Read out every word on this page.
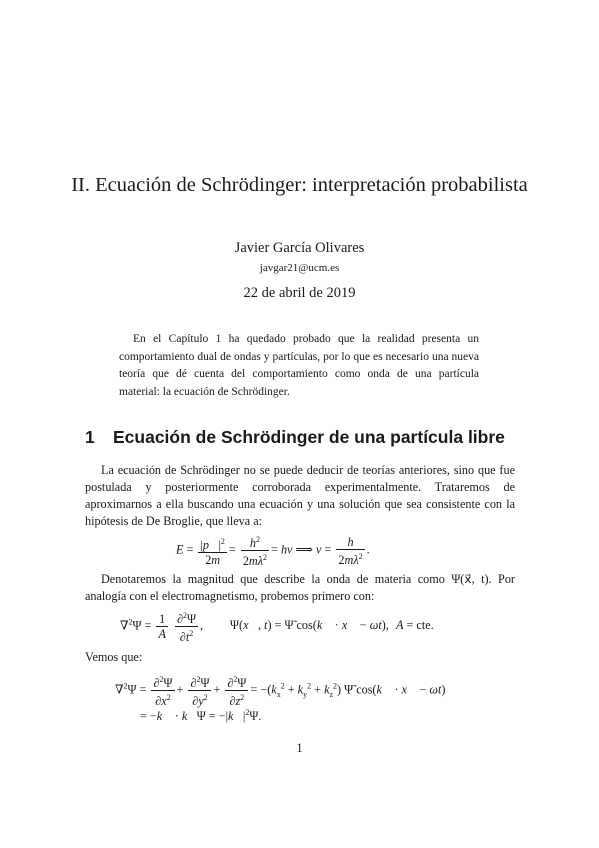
II. Ecuación de Schrödinger: interpretación probabilista
Javier García Olivares
javgar21@ucm.es
22 de abril de 2019

En el Capítulo 1 ha quedado probado que la realidad presenta un comportamiento dual de ondas y partículas, por lo que es necesario una nueva teoría que dé cuenta del comportamiento como onda de una partícula material: la ecuación de Schrödinger.

1 Ecuación de Schrödinger de una partícula libre

La ecuación de Schrödinger no se puede deducir de teorías anteriores, sino que fue postulada y posteriormente corroborada experimentalmente. Trataremos de aproximarnos a ella buscando una ecuación y una solución que sea consistente con la hipótesis de De Broglie, que lleva a:

$E = \frac{|p⃗|^2}{2m} = \frac{h^2}{2m\lambda^2} = h\nu$ ⟹ $\nu = \frac{h}{2m\lambda^2}$ .

Denotaremos la magnitud que describe la onda de materia como Ψ(x⃗, t). Por analogía con el electromagnetismo, probemos primero con:

$\nabla^2\Psi = \frac{1}{A}$
$\frac{\partial^2\Psi}{\partial t^2}$ , Ψ(x⃗, t) = Ψ̃ cos(k⃗ · x⃗ − ωt), A = cte.

Vemos que:

$\nabla^2\Psi = \frac{\partial^2\Psi}{\partial x^2} + \frac{\partial^2\Psi}{\partial y^2} + \frac{\partial^2\Psi}{\partial z^2} = -(k_x^2 + k_y^2 + k_z^2)$ Ψ̃ cos(k⃗ · x⃗ − ωt)
= −k⃗ · k⃗Ψ = $-|k⃗|^2\Psi$.
1
